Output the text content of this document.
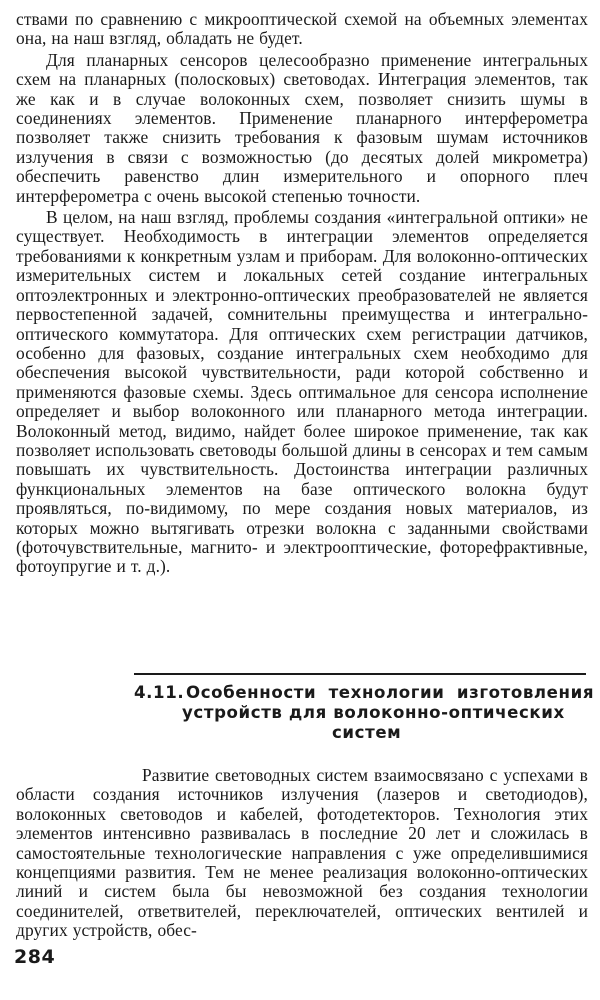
ствами по сравнению с микрооптической схемой на объемных элементах она, на наш взгляд, обладать не будет.

Для планарных сенсоров целесообразно применение интегральных схем на планарных (полосковых) световодах. Интеграция элементов, так же как и в случае волоконных схем, позволяет снизить шумы в соединениях элементов. Применение планарного интерферометра позволяет также снизить требования к фазовым шумам источников излучения в связи с возможностью (до десятых долей микрометра) обеспечить равенство длин измерительного и опорного плеч интерферометра с очень высокой степенью точности.

В целом, на наш взгляд, проблемы создания «интегральной оптики» не существует. Необходимость в интеграции элементов определяется требованиями к конкретным узлам и приборам. Для волоконно-оптических измерительных систем и локальных сетей создание интегральных оптоэлектронных и электронно-оптических преобразователей не является первостепенной задачей, сомнительны преимущества и интегрально-оптического коммутатора. Для оптических схем регистрации датчиков, особенно для фазовых, создание интегральных схем необходимо для обеспечения высокой чувствительности, ради которой собственно и применяются фазовые схемы. Здесь оптимальное для сенсора исполнение определяет и выбор волоконного или планарного метода интеграции. Волоконный метод, видимо, найдет более широкое применение, так как позволяет использовать световоды большой длины в сенсорах и тем самым повышать их чувствительность. Достоинства интеграции различных функциональных элементов на базе оптического волокна будут проявляться, по-видимому, по мере создания новых материалов, из которых можно вытягивать отрезки волокна с заданными свойствами (фоточувствительные, магнито- и электрооптические, фоторефрактивные, фотоупругие и т. д.).

4.11. Особенности технологии изготовления
устройств для волоконно-оптических
систем

Развитие световодных систем взаимосвязано с успехами в области создания источников излучения (лазеров и светодиодов), волоконных световодов и кабелей, фотодетекторов. Технология этих элементов интенсивно развивалась в последние 20 лет и сложилась в самостоятельные технологические направления с уже определившимися концепциями развития. Тем не менее реализация волоконно-оптических линий и систем была бы невозможной без создания технологии соединителей, ответвителей, переключателей, оптических вентилей и других устройств, обес-

284
